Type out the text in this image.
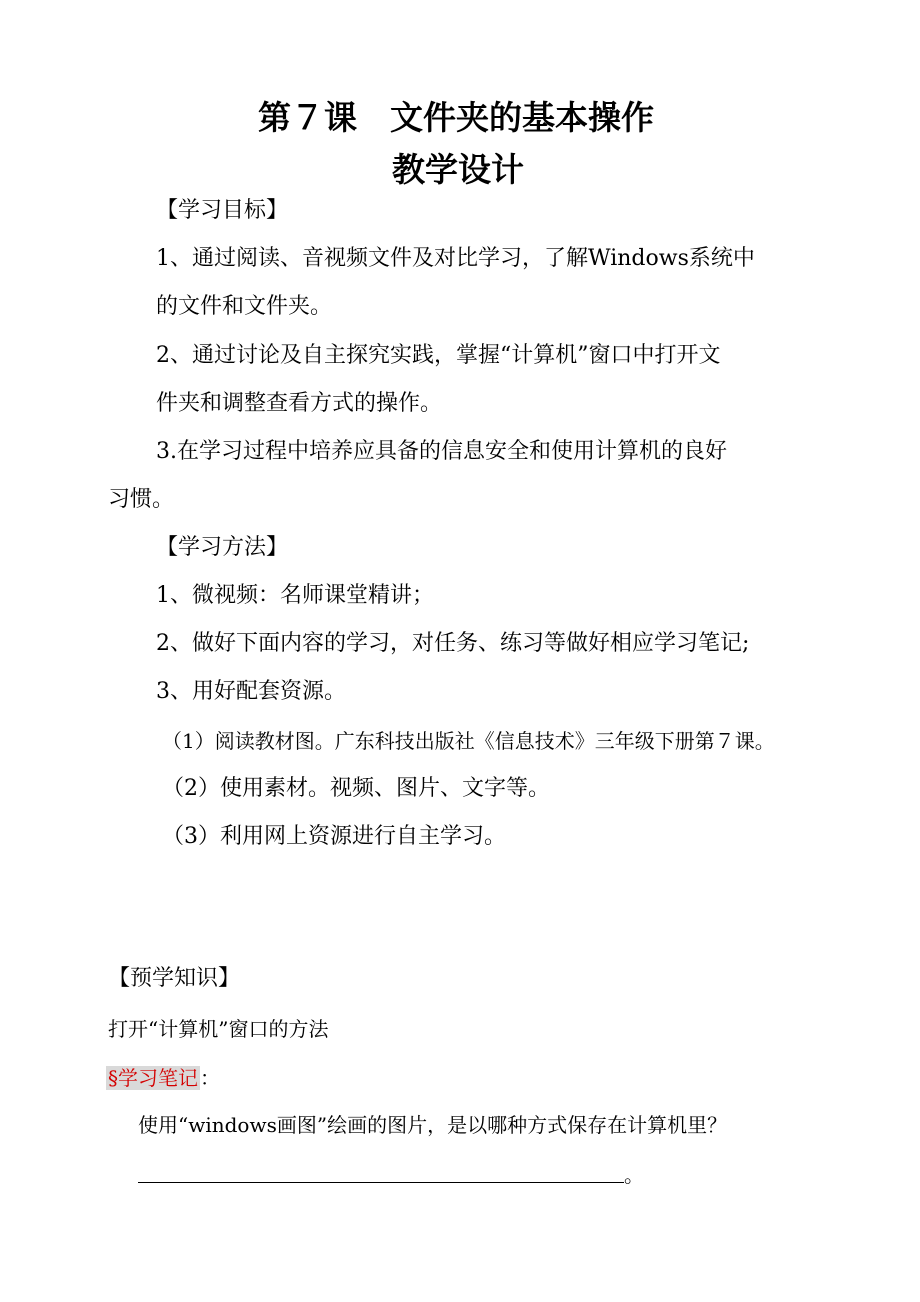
第７课　文件夹的基本操作
教学设计
【学习目标】
1、通过阅读、音视频文件及对比学习，了解Windows系统中
的文件和文件夹。
2、通过讨论及自主探究实践，掌握“计算机”窗口中打开文
件夹和调整查看方式的操作。
3.在学习过程中培养应具备的信息安全和使用计算机的良好
习惯。
【学习方法】
1、微视频：名师课堂精讲；
2、做好下面内容的学习，对任务、练习等做好相应学习笔记;
3、用好配套资源。
（1）阅读教材图。广东科技出版社《信息技术》三年级下册第７课。
（2）使用素材。视频、图片、文字等。
（3）利用网上资源进行自主学习。
【预学知识】
打开“计算机”窗口的方法
§学习笔记 ：
使用“windows画图”绘画的图片，是以哪种方式保存在计算机里？
。
